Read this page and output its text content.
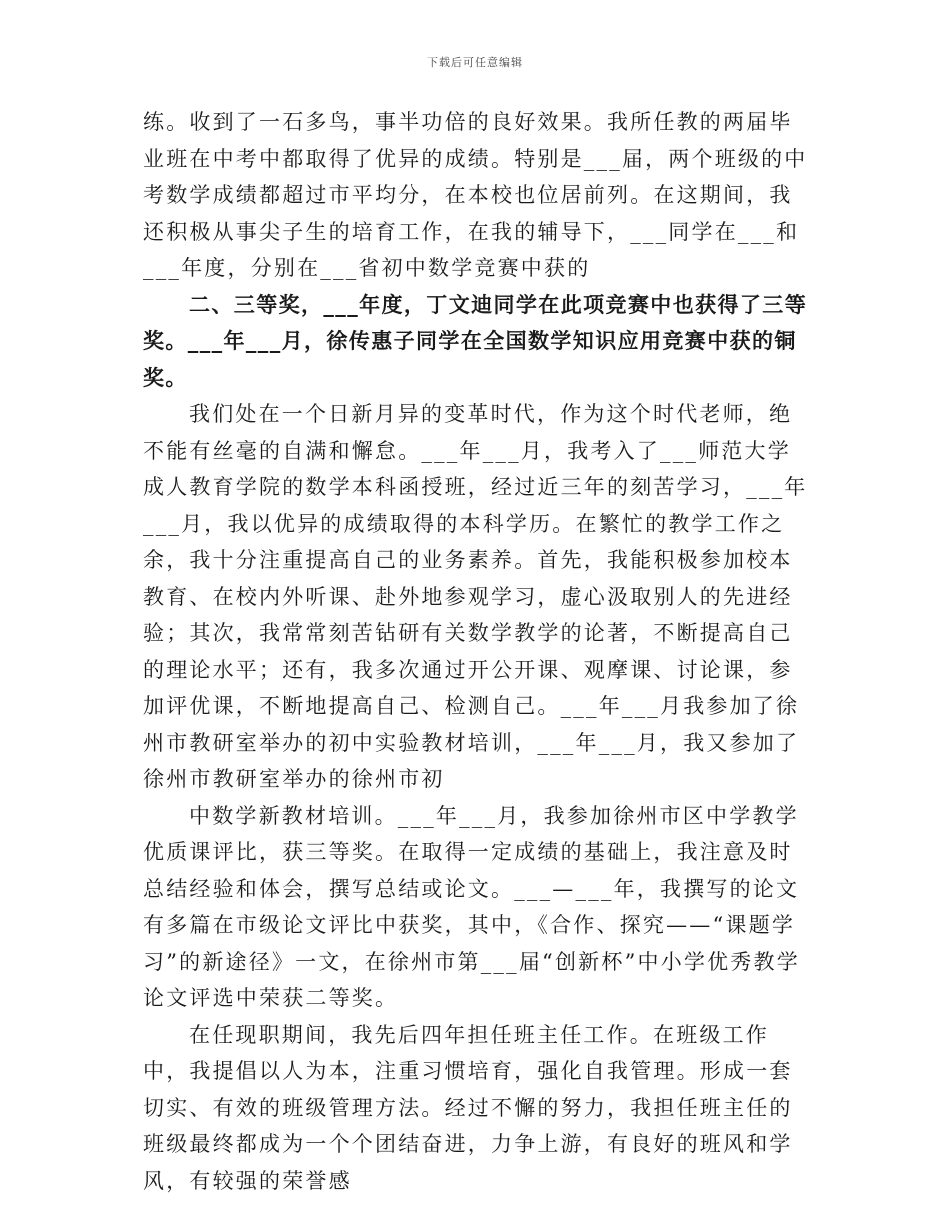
下载后可任意编辑

练。收到了一石多鸟，事半功倍的良好效果。我所任教的两届毕业班在中考中都取得了优异的成绩。特别是___届，两个班级的中考数学成绩都超过市平均分，在本校也位居前列。在这期间，我还积极从事尖子生的培育工作，在我的辅导下，___同学在___和___年度，分别在___省初中数学竞赛中获的

二、三等奖，___年度，丁文迪同学在此项竞赛中也获得了三等奖。___年___月，徐传惠子同学在全国数学知识应用竞赛中获的铜奖。

我们处在一个日新月异的变革时代，作为这个时代老师，绝不能有丝毫的自满和懈怠。___年___月，我考入了___师范大学成人教育学院的数学本科函授班，经过近三年的刻苦学习，___年___月，我以优异的成绩取得的本科学历。在繁忙的教学工作之余，我十分注重提高自己的业务素养。首先，我能积极参加校本教育、在校内外听课、赴外地参观学习，虚心汲取别人的先进经验；其次，我常常刻苦钻研有关数学教学的论著，不断提高自己的理论水平；还有，我多次通过开公开课、观摩课、讨论课，参加评优课，不断地提高自己、检测自己。___年___月我参加了徐州市教研室举办的初中实验教材培训，___年___月，我又参加了徐州市教研室举办的徐州市初

中数学新教材培训。___年___月，我参加徐州市区中学教学优质课评比，获三等奖。在取得一定成绩的基础上，我注意及时总结经验和体会，撰写总结或论文。___—___年，我撰写的论文有多篇在市级论文评比中获奖，其中，《合作、探究——“课题学习”的新途径》一文，在徐州市第___届“创新杯”中小学优秀教学论文评选中荣获二等奖。

在任现职期间，我先后四年担任班主任工作。在班级工作中，我提倡以人为本，注重习惯培育，强化自我管理。形成一套切实、有效的班级管理方法。经过不懈的努力，我担任班主任的班级最终都成为一个个团结奋进，力争上游，有良好的班风和学风，有较强的荣誉感
